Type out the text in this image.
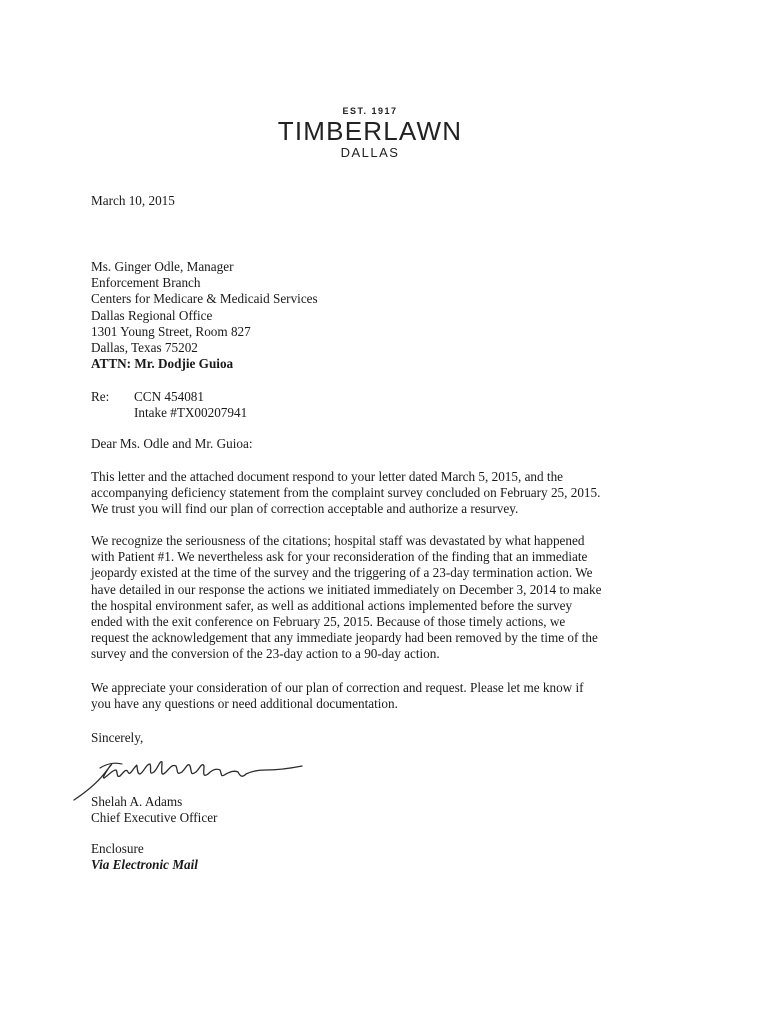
EST. 1917
TIMBERLAWN
DALLAS
March 10, 2015
Ms. Ginger Odle, Manager
Enforcement Branch
Centers for Medicare & Medicaid Services
Dallas Regional Office
1301 Young Street, Room 827
Dallas, Texas 75202
ATTN: Mr. Dodjie Guioa
Re:	CCN 454081
Intake #TX00207941
Dear Ms. Odle and Mr. Guioa:
This letter and the attached document respond to your letter dated March 5, 2015, and the
accompanying deficiency statement from the complaint survey concluded on February 25, 2015.
We trust you will find our plan of correction acceptable and authorize a resurvey.
We recognize the seriousness of the citations; hospital staff was devastated by what happened
with Patient #1. We nevertheless ask for your reconsideration of the finding that an immediate
jeopardy existed at the time of the survey and the triggering of a 23-day termination action. We
have detailed in our response the actions we initiated immediately on December 3, 2014 to make
the hospital environment safer, as well as additional actions implemented before the survey
ended with the exit conference on February 25, 2015. Because of those timely actions, we
request the acknowledgement that any immediate jeopardy had been removed by the time of the
survey and the conversion of the 23-day action to a 90-day action.
We appreciate your consideration of our plan of correction and request. Please let me know if
you have any questions or need additional documentation.
Sincerely,
Shelah A. Adams
Chief Executive Officer
Enclosure
Via Electronic Mail
